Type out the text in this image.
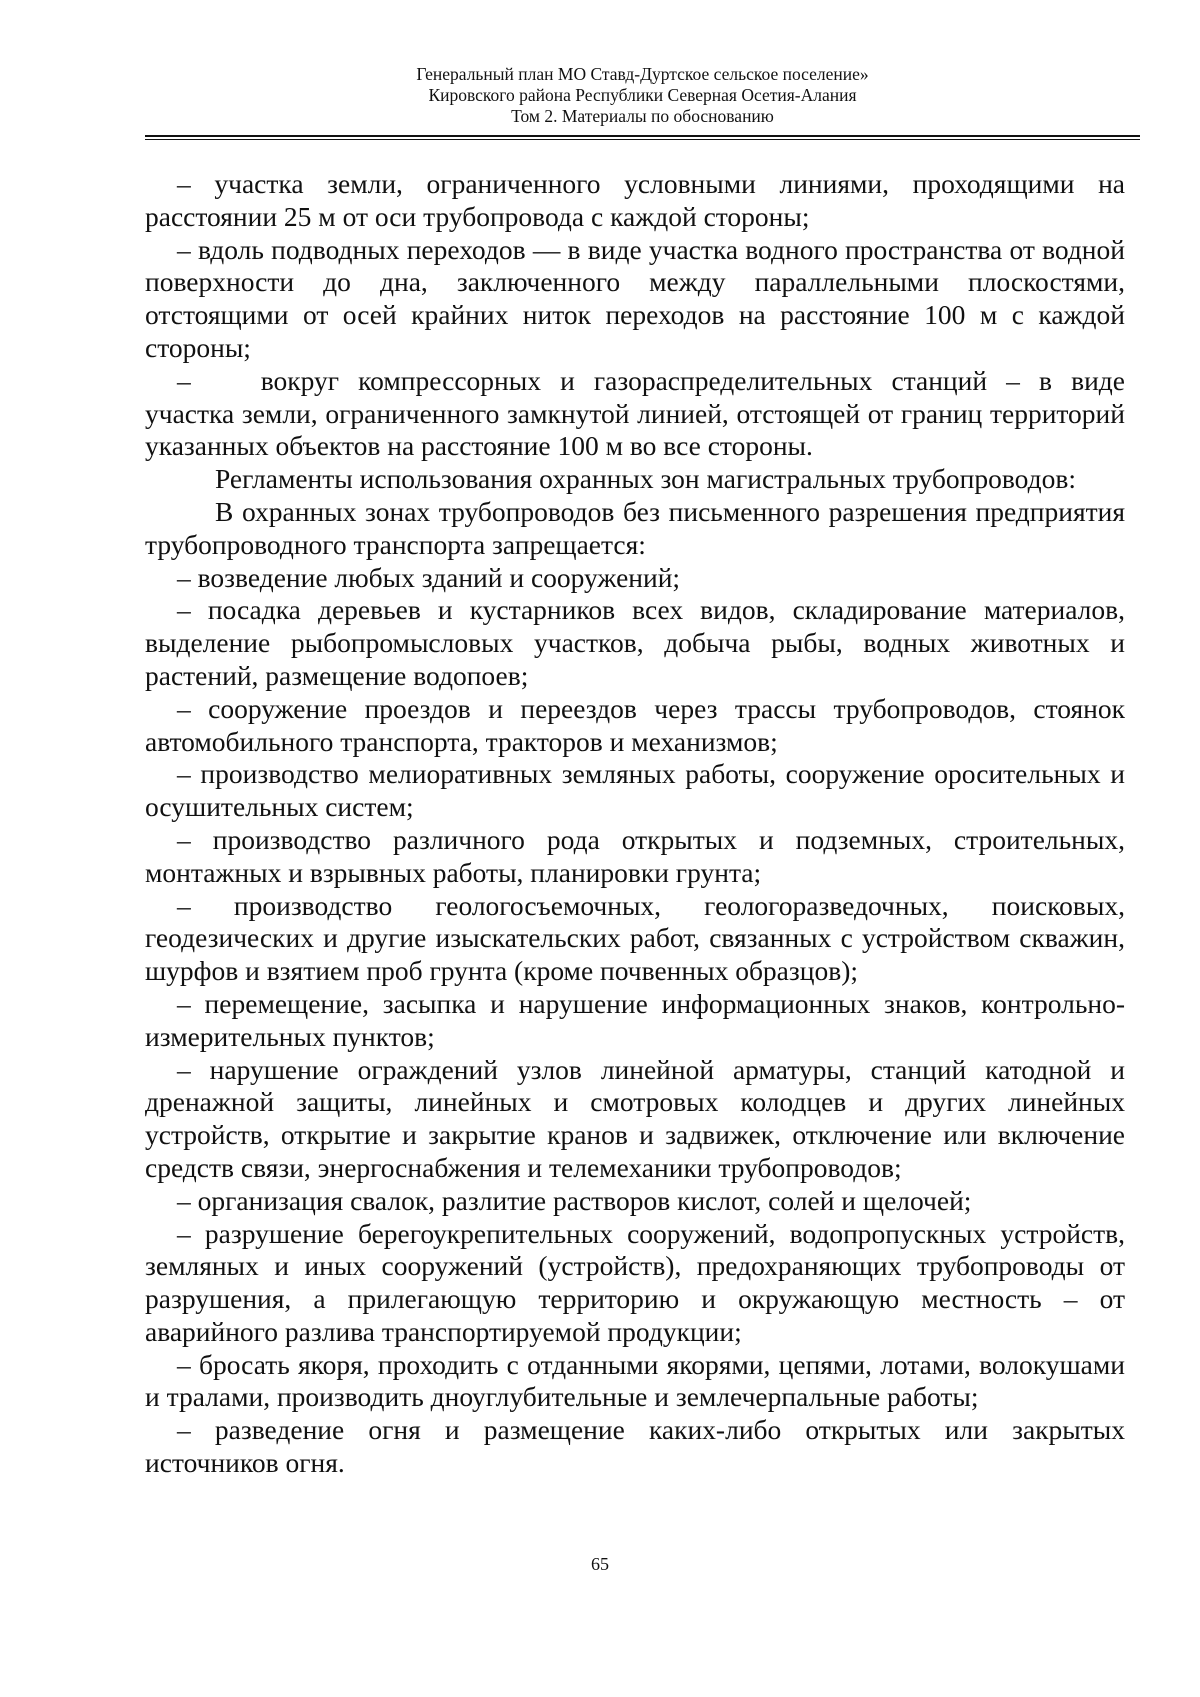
Генеральный план МО Ставд-Дуртское сельское поселение»
Кировского района Республики Северная Осетия-Алания
Том 2. Материалы по обоснованию

– участка земли, ограниченного условными линиями, проходящими на расстоянии 25 м от оси трубопровода с каждой стороны;

– вдоль подводных переходов — в виде участка водного пространства от водной поверхности до дна, заключенного между параллельными плоскостями, отстоящими от осей крайних ниток переходов на расстояние 100 м с каждой стороны;

–	вокруг компрессорных и газораспределительных станций – в виде участка земли, ограниченного замкнутой линией, отстоящей от границ территорий указанных объектов на расстояние 100 м во все стороны.

Регламенты использования охранных зон магистральных трубопроводов:

В охранных зонах трубопроводов без письменного разрешения предприятия трубопроводного транспорта запрещается:

– возведение любых зданий и сооружений;

– посадка деревьев и кустарников всех видов, складирование материалов, выделение рыбопромысловых участков, добыча рыбы, водных животных и растений, размещение водопоев;

– сооружение проездов и переездов через трассы трубопроводов, стоянок автомобильного транспорта, тракторов и механизмов;

– производство мелиоративных земляных работы, сооружение оросительных и осушительных систем;

– производство различного рода открытых и подземных, строительных, монтажных и взрывных работы, планировки грунта;

– производство геологосъемочных, геологоразведочных, поисковых, геодезических и другие изыскательских работ, связанных с устройством скважин, шурфов и взятием проб грунта (кроме почвенных образцов);

– перемещение, засыпка и нарушение информационных знаков, контрольно-измерительных пунктов;

– нарушение ограждений узлов линейной арматуры, станций катодной и дренажной защиты, линейных и смотровых колодцев и других линейных устройств, открытие и закрытие кранов и задвижек, отключение или включение средств связи, энергоснабжения и телемеханики трубопроводов;

– организация свалок, разлитие растворов кислот, солей и щелочей;

– разрушение берегоукрепительных сооружений, водопропускных устройств, земляных и иных сооружений (устройств), предохраняющих трубопроводы от разрушения, а прилегающую территорию и окружающую местность – от аварийного разлива транспортируемой продукции;

– бросать якоря, проходить с отданными якорями, цепями, лотами, волокушами и тралами, производить дноуглубительные и землечерпальные работы;

– разведение огня и размещение каких-либо открытых или закрытых источников огня.

65
